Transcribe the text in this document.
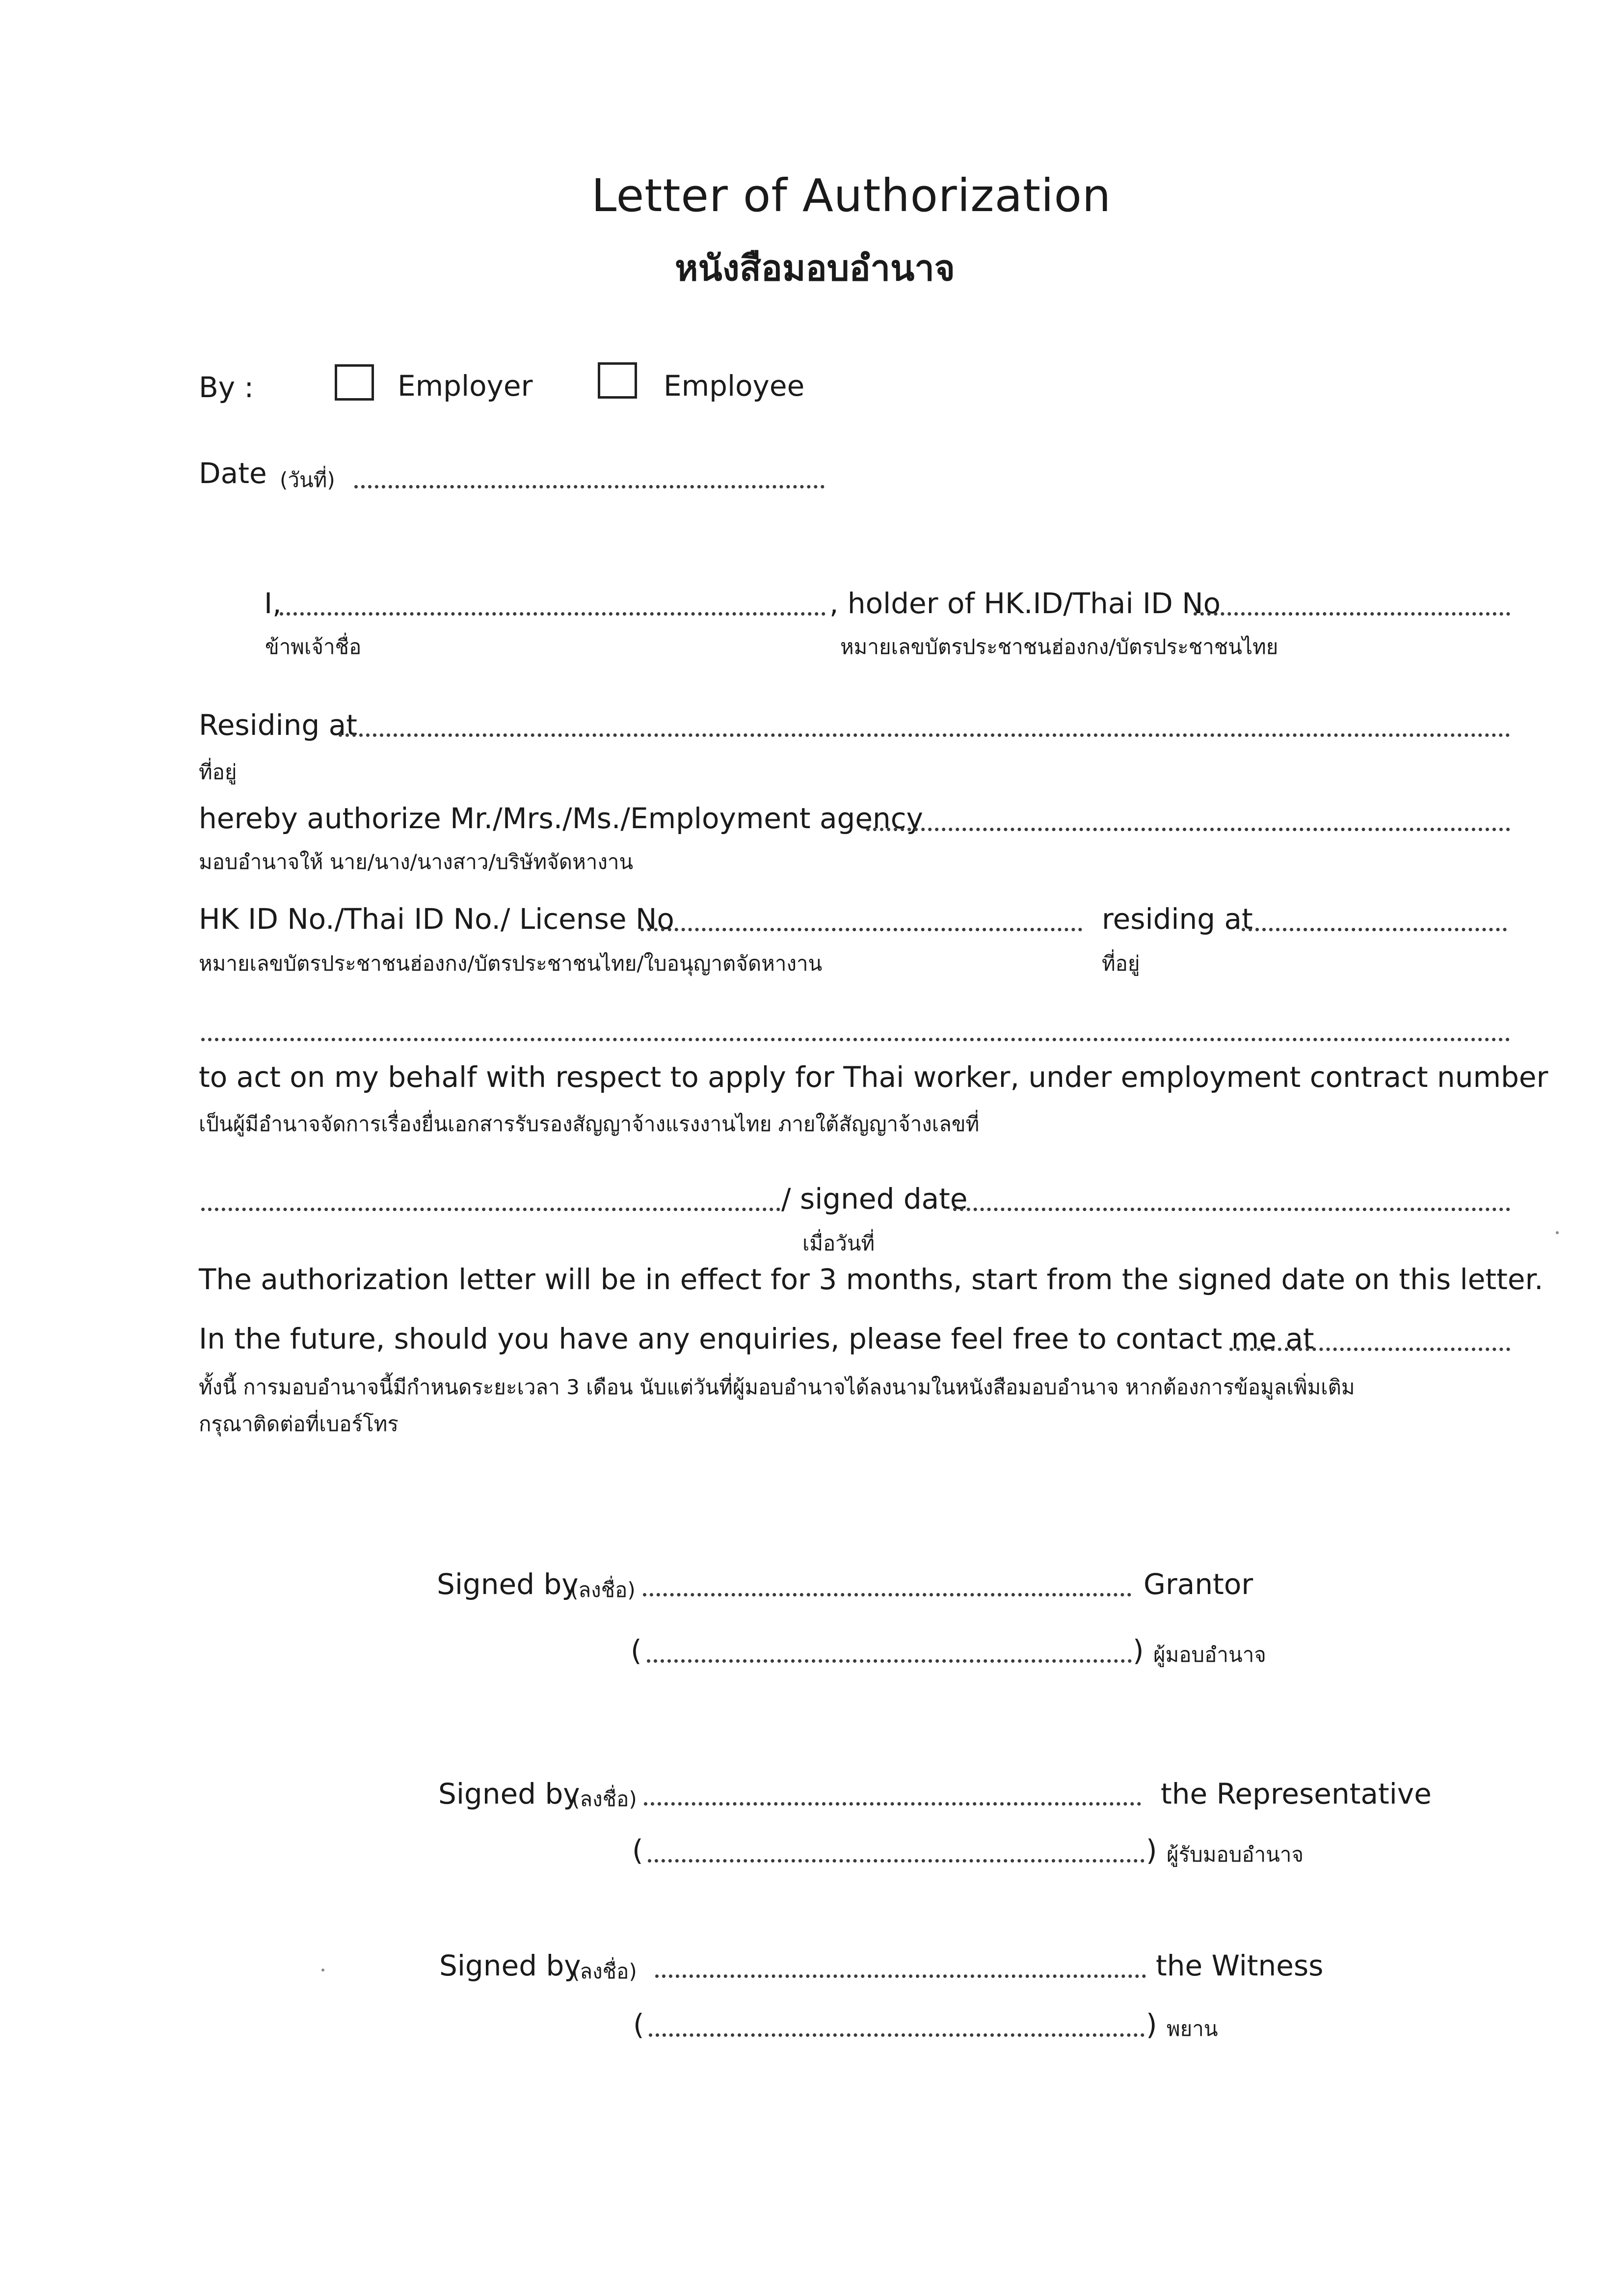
Letter of Authorization
หนังสือมอบอำนาจ
By :	Employer	Employee
Date (วันที่)
I,	, holder of HK.ID/Thai ID No
ข้าพเจ้าชื่อ	หมายเลขบัตรประชาชนฮ่องกง/บัตรประชาชนไทย
Residing at
ที่อยู่
hereby authorize Mr./Mrs./Ms./Employment agency
มอบอำนาจให้ นาย/นาง/นางสาว/บริษัทจัดหางาน
HK ID No./Thai ID No./ License No	residing at
หมายเลขบัตรประชาชนฮ่องกง/บัตรประชาชนไทย/ใบอนุญาตจัดหางาน	ที่อยู่
to act on my behalf with respect to apply for Thai worker, under employment contract number
เป็นผู้มีอำนาจจัดการเรื่องยื่นเอกสารรับรองสัญญาจ้างแรงงานไทย ภายใต้สัญญาจ้างเลขที่
/ signed date
เมื่อวันที่
The authorization letter will be in effect for 3 months, start from the signed date on this letter.
In the future, should you have any enquiries, please feel free to contact me at
ทั้งนี้ การมอบอำนาจนี้มีกำหนดระยะเวลา 3 เดือน นับแต่วันที่ผู้มอบอำนาจได้ลงนามในหนังสือมอบอำนาจ หากต้องการข้อมูลเพิ่มเติม
กรุณาติดต่อที่เบอร์โทร
Signed by
(ลงชื่อ)	Grantor
(	) ผู้มอบอำนาจ
Signed by
(ลงชื่อ)	the Representative
(	) ผู้รับมอบอำนาจ
Signed by
(ลงชื่อ)	the Witness
(	) พยาน
